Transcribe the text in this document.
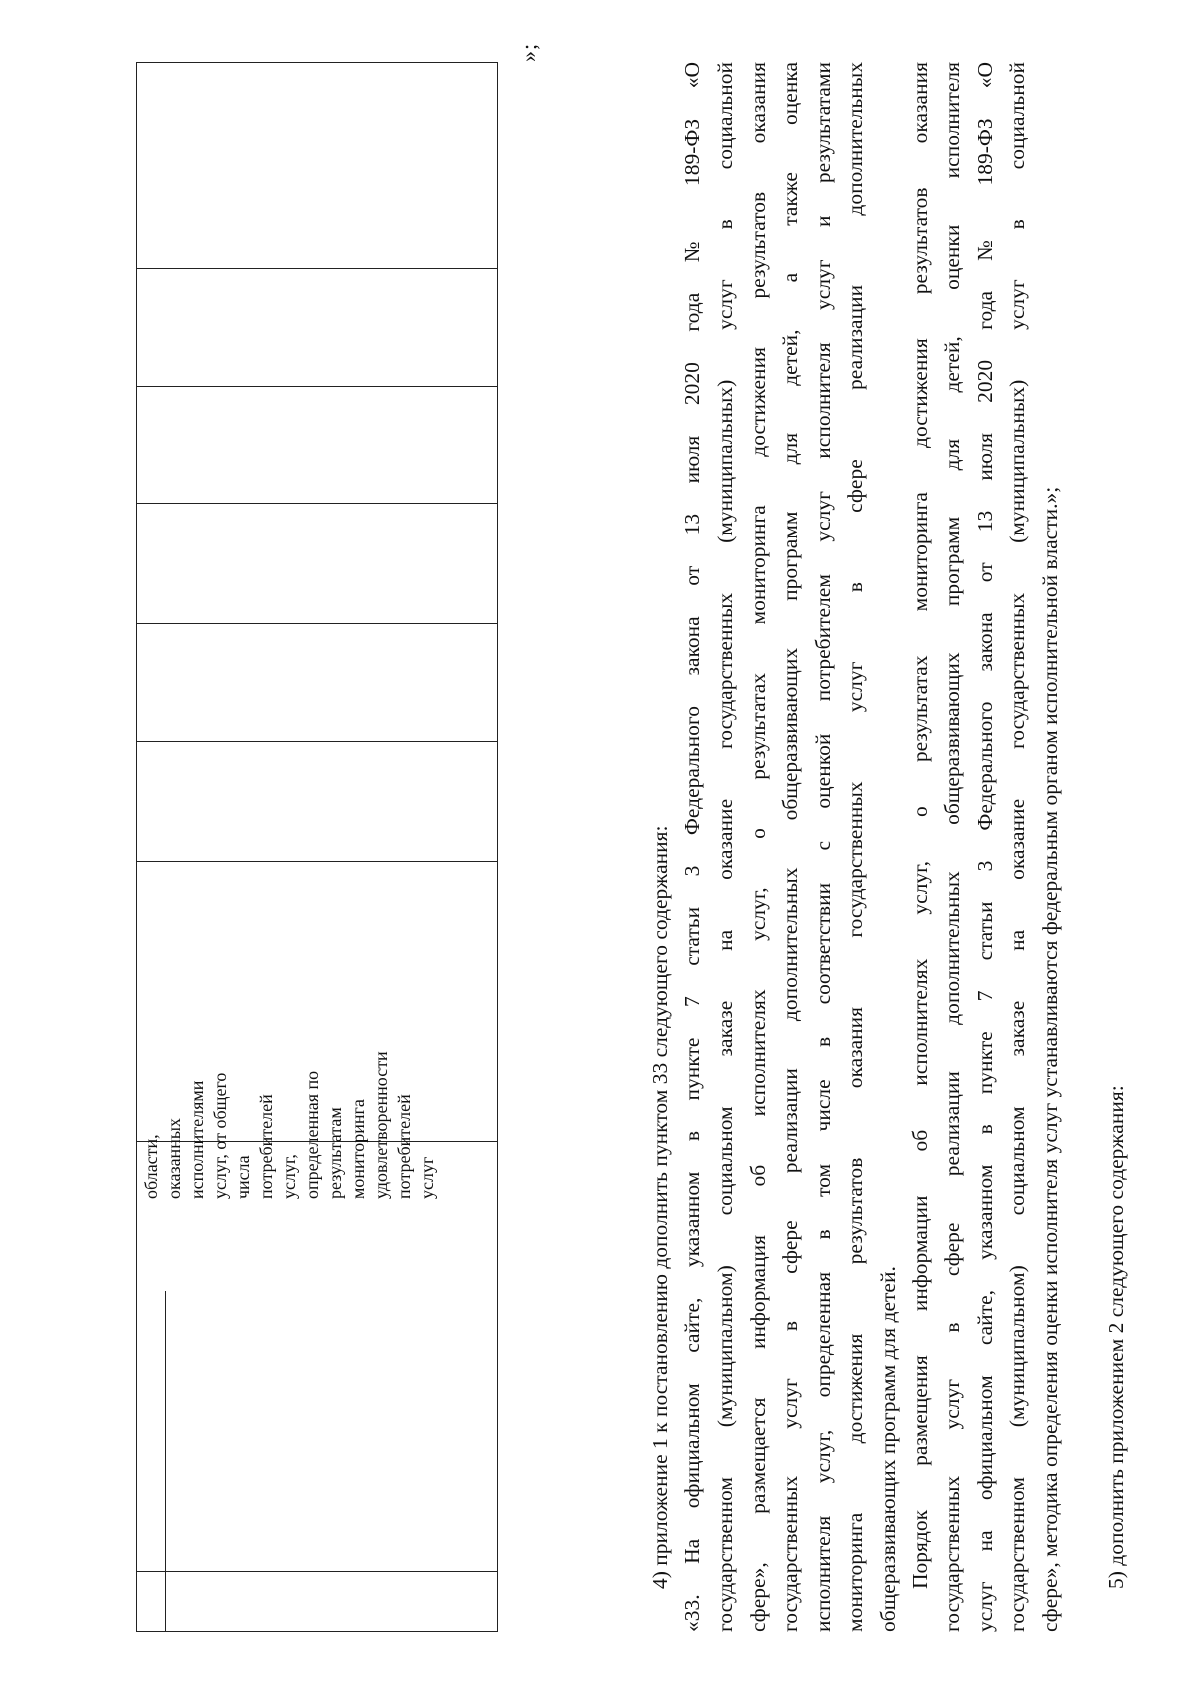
области, оказанных исполнителями услуг, от общего числа потребителей услуг, определенная по результатам мониторинга удовлетворенности потребителей услуг
»;
4) приложение 1 к постановлению дополнить пунктом 33 следующего содержания: «33. На официальном сайте, указанном в пункте 7 статьи 3 Федерального закона от 13 июля 2020 года № 189-ФЗ «О государственном (муниципальном) социальном заказе на оказание государственных (муниципальных) услуг в социальной сфере», размещается информация об исполнителях услуг, о результатах мониторинга достижения результатов оказания государственных услуг в сфере реализации дополнительных общеразвивающих программ для детей, а также оценка исполнителя услуг, определенная в том числе в соответствии с оценкой потребителем услуг исполнителя услуг и результатами мониторинга достижения результатов оказания государственных услуг в сфере реализации дополнительных общеразвивающих программ для детей. Порядок размещения информации об исполнителях услуг, о результатах мониторинга достижения результатов оказания государственных услуг в сфере реализации дополнительных общеразвивающих программ для детей, оценки исполнителя услуг на официальном сайте, указанном в пункте 7 статьи 3 Федерального закона от 13 июля 2020 года № 189-ФЗ «О государственном (муниципальном) социальном заказе на оказание государственных (муниципальных) услуг в социальной сфере», методика определения оценки исполнителя услуг устанавливаются федеральным органом исполнительной власти.»; 5) дополнить приложением 2 следующего содержания:
